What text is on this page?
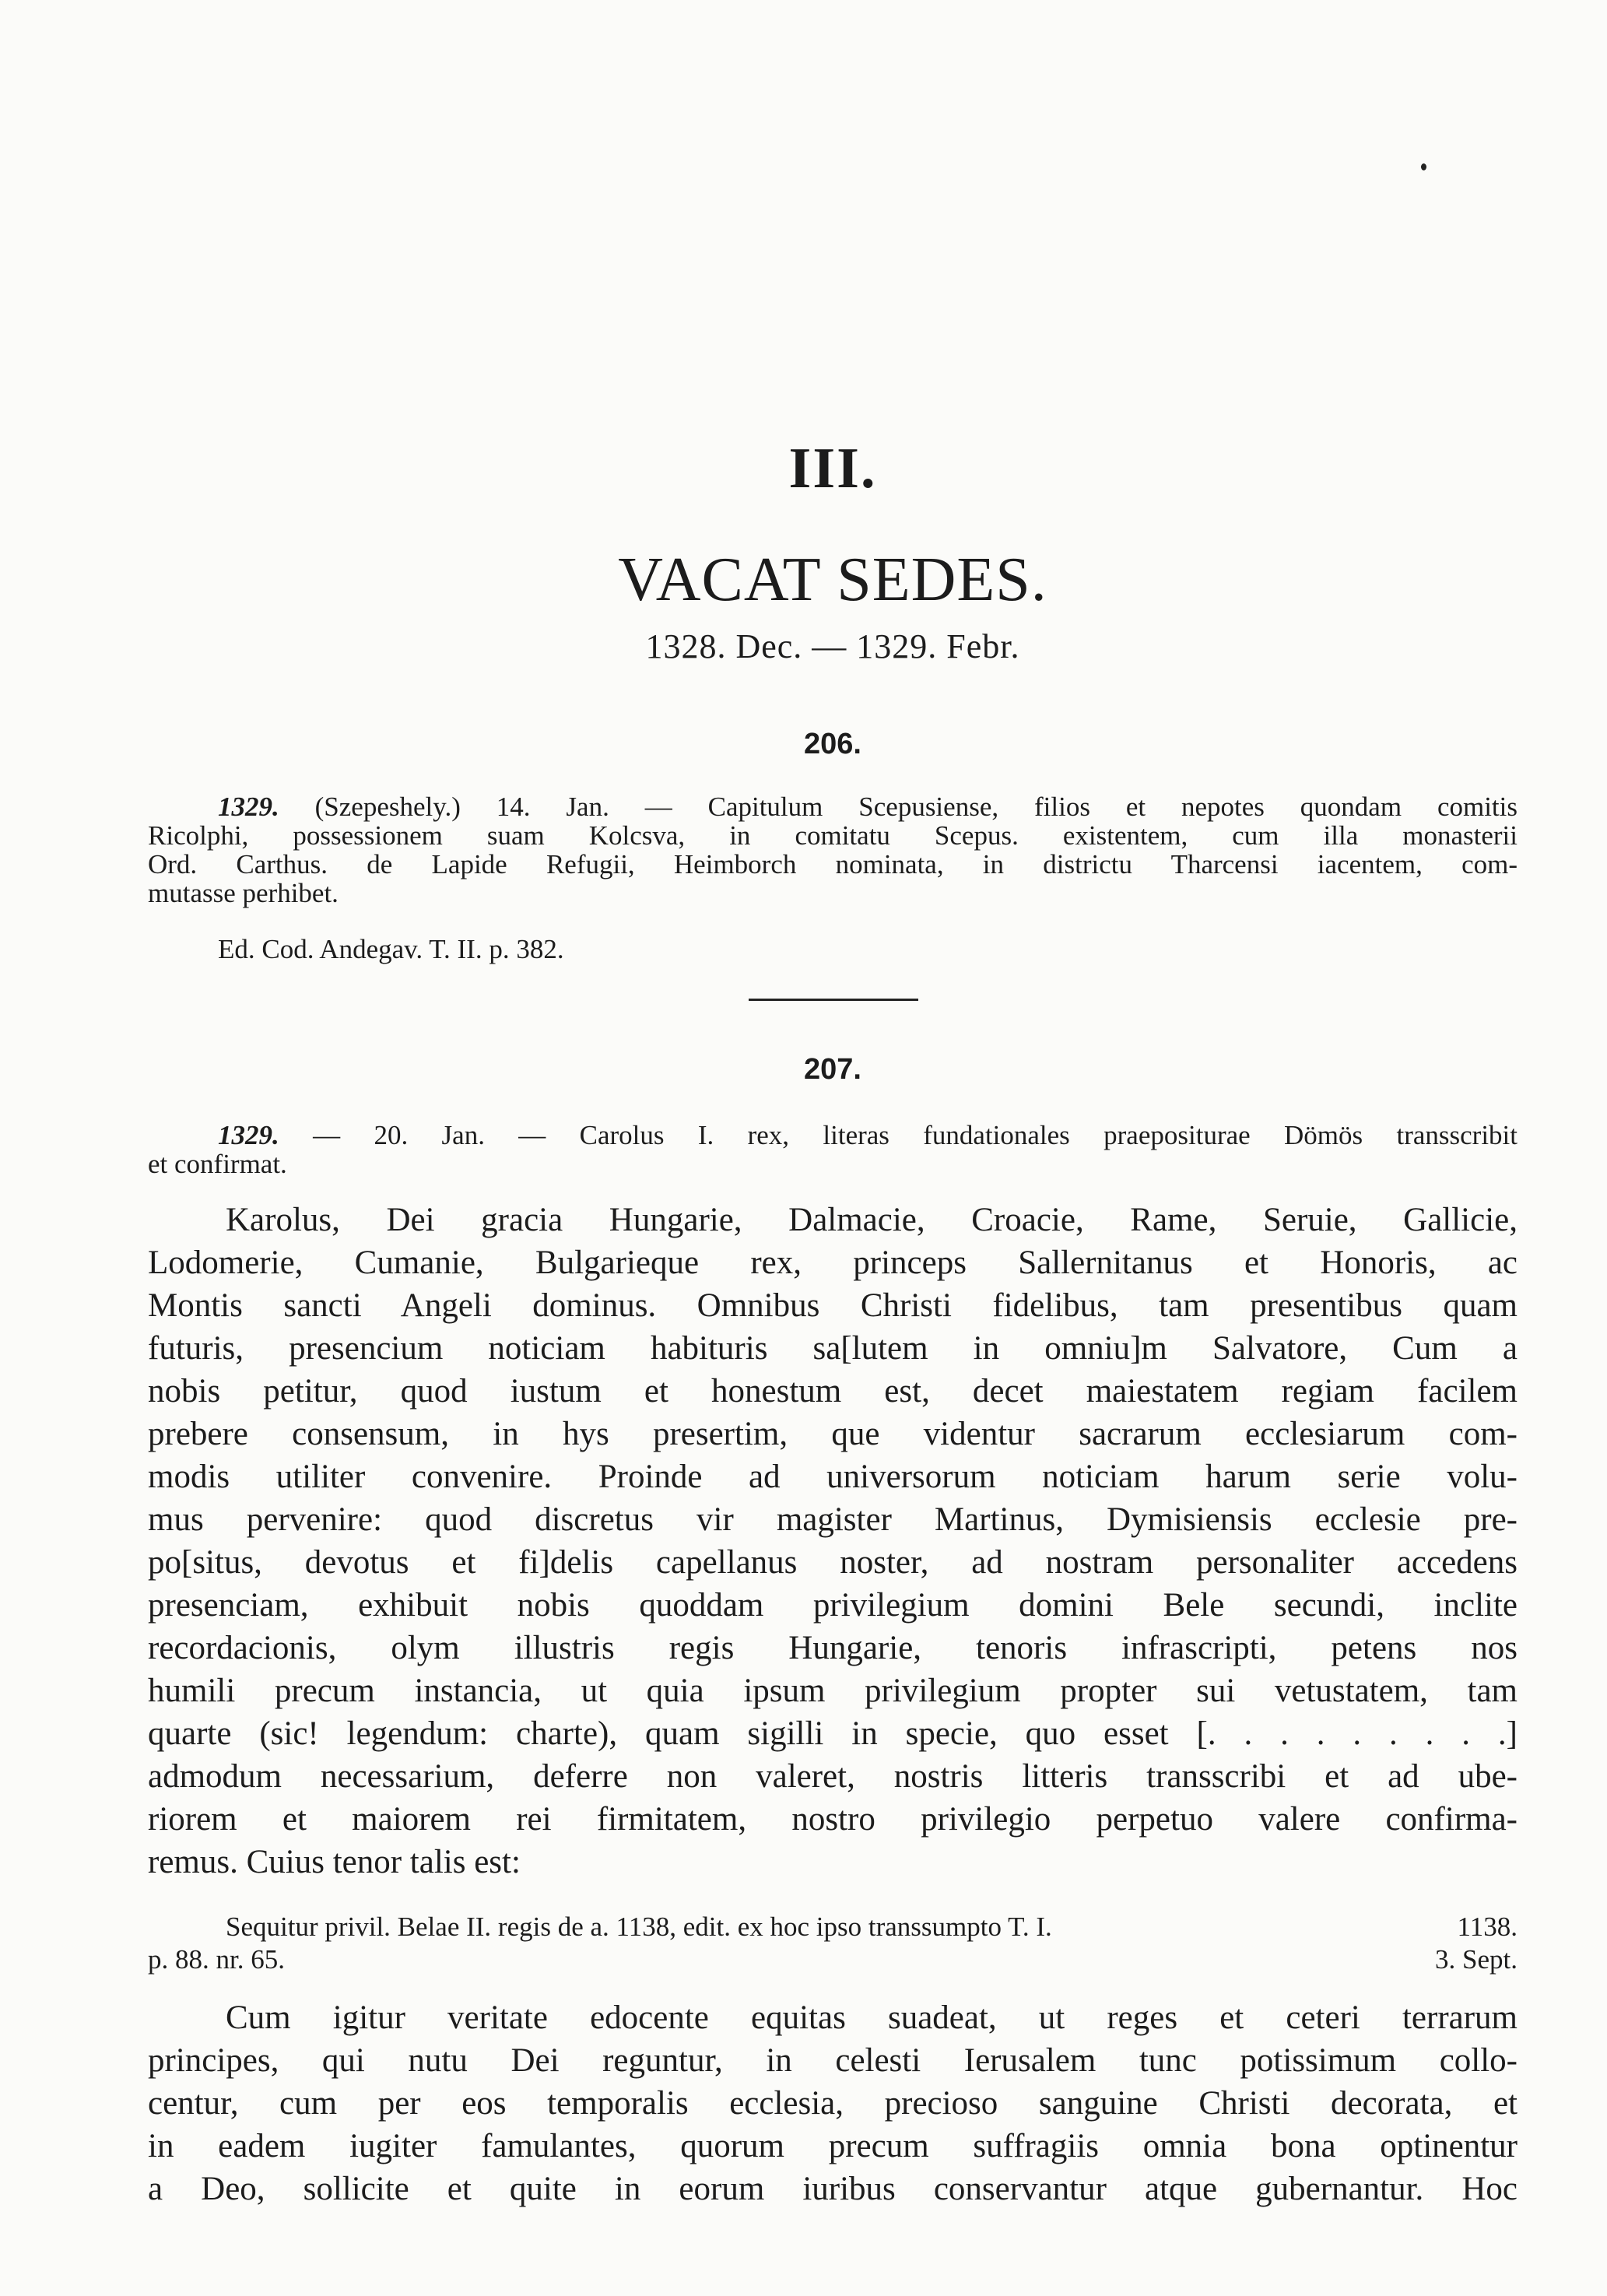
III.
VACAT SEDES.
1328. Dec. — 1329. Febr.
206.
1329. (Szepeshely.) 14. Jan. — Capitulum Scepusiense, filios et nepotes quondam comitis
Ricolphi, possessionem suam Kolcsva, in comitatu Scepus. existentem, cum illa monasterii
Ord. Carthus. de Lapide Refugii, Heimborch nominata, in districtu Tharcensi iacentem, com-
mutasse perhibet.
Ed. Cod. Andegav. T. II. p. 382.
207.
1329. — 20. Jan. — Carolus I. rex, literas fundationales praeposituraе Dömös transscribit
et confirmat.
Karolus, Dei gracia Hungarie, Dalmacie, Croacie, Rame, Seruie, Gallicie,
Lodomerie, Cumanie, Bulgarieque rex, princeps Sallernitanus et Honoris, ac
Montis sancti Angeli dominus. Omnibus Christi fidelibus, tam presentibus quam
futuris, presencium noticiam habituris sa[lutem in omniu]m Salvatore, Cum a
nobis petitur, quod iustum et honestum est, decet maiestatem regiam facilem
prebere consensum, in hys presertim, que videntur sacrarum ecclesiarum com-
modis utiliter convenire. Proinde ad universorum noticiam harum serie volu-
mus pervenire: quod discretus vir magister Martinus, Dymisiensis ecclesie pre-
po[situs, devotus et fi]delis capellanus noster, ad nostram personaliter accedens
presenciam, exhibuit nobis quoddam privilegium domini Bele secundi, inclite
recordacionis, olym illustris regis Hungarie, tenoris infrascripti, petens nos
humili precum instancia, ut quia ipsum privilegium propter sui vetustatem, tam
quarte (sic! legendum: charte), quam sigilli in specie, quo esset [. . . . . . . . .]
admodum necessarium, deferre non valeret, nostris litteris transscribi et ad ube-
riorem et maiorem rei firmitatem, nostro privilegio perpetuo valere confirma-
remus. Cuius tenor talis est:
Sequitur privil. Belae II. regis de a. 1138, edit. ex hoc ipso transsumpto T. I.
p. 88. nr. 65.
1138.
3. Sept.
Cum igitur veritate edocente equitas suadeat, ut reges et ceteri terrarum
principes, qui nutu Dei reguntur, in celesti Ierusalem tunc potissimum collo-
centur, cum per eos temporalis ecclesia, precioso sanguine Christi decorata, et
in eadem iugiter famulantes, quorum precum suffragiis omnia bona optinentur
a Deo, sollicite et quite in eorum iuribus conservantur atque gubernantur. Hoc
